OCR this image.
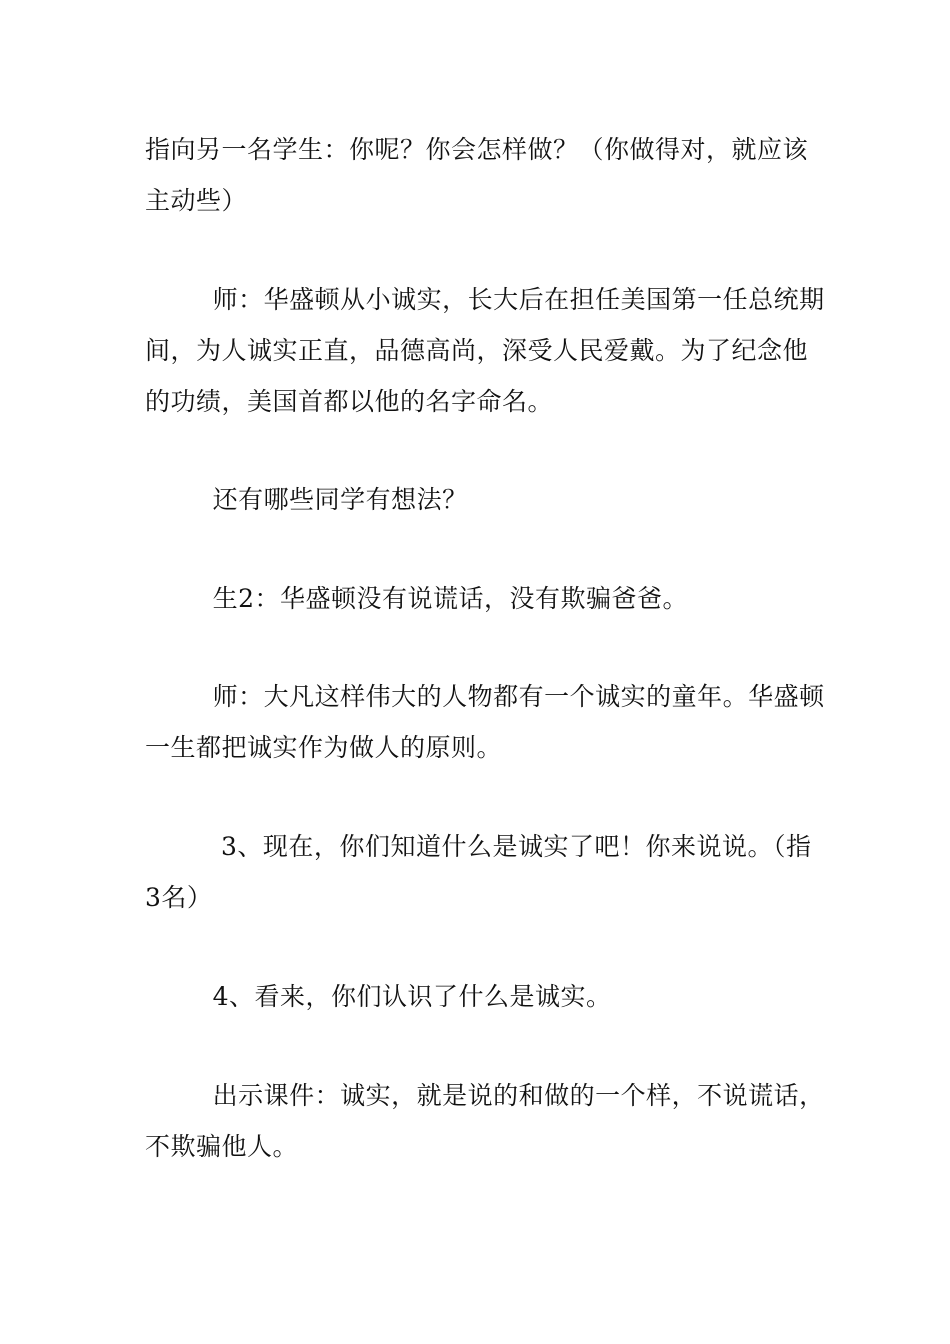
指向另一名学生：你呢？你会怎样做？（你做得对，就应该主动些）

师：华盛顿从小诚实，长大后在担任美国第一任总统期间，为人诚实正直，品德高尚，深受人民爱戴。为了纪念他的功绩，美国首都以他的名字命名。

还有哪些同学有想法？

生2：华盛顿没有说谎话，没有欺骗爸爸。

师：大凡这样伟大的人物都有一个诚实的童年。华盛顿一生都把诚实作为做人的原则。

3、现在，你们知道什么是诚实了吧！你来说说。（指3名）

4、看来，你们认识了什么是诚实。

出示课件：诚实，就是说的和做的一个样，不说谎话，不欺骗他人。
